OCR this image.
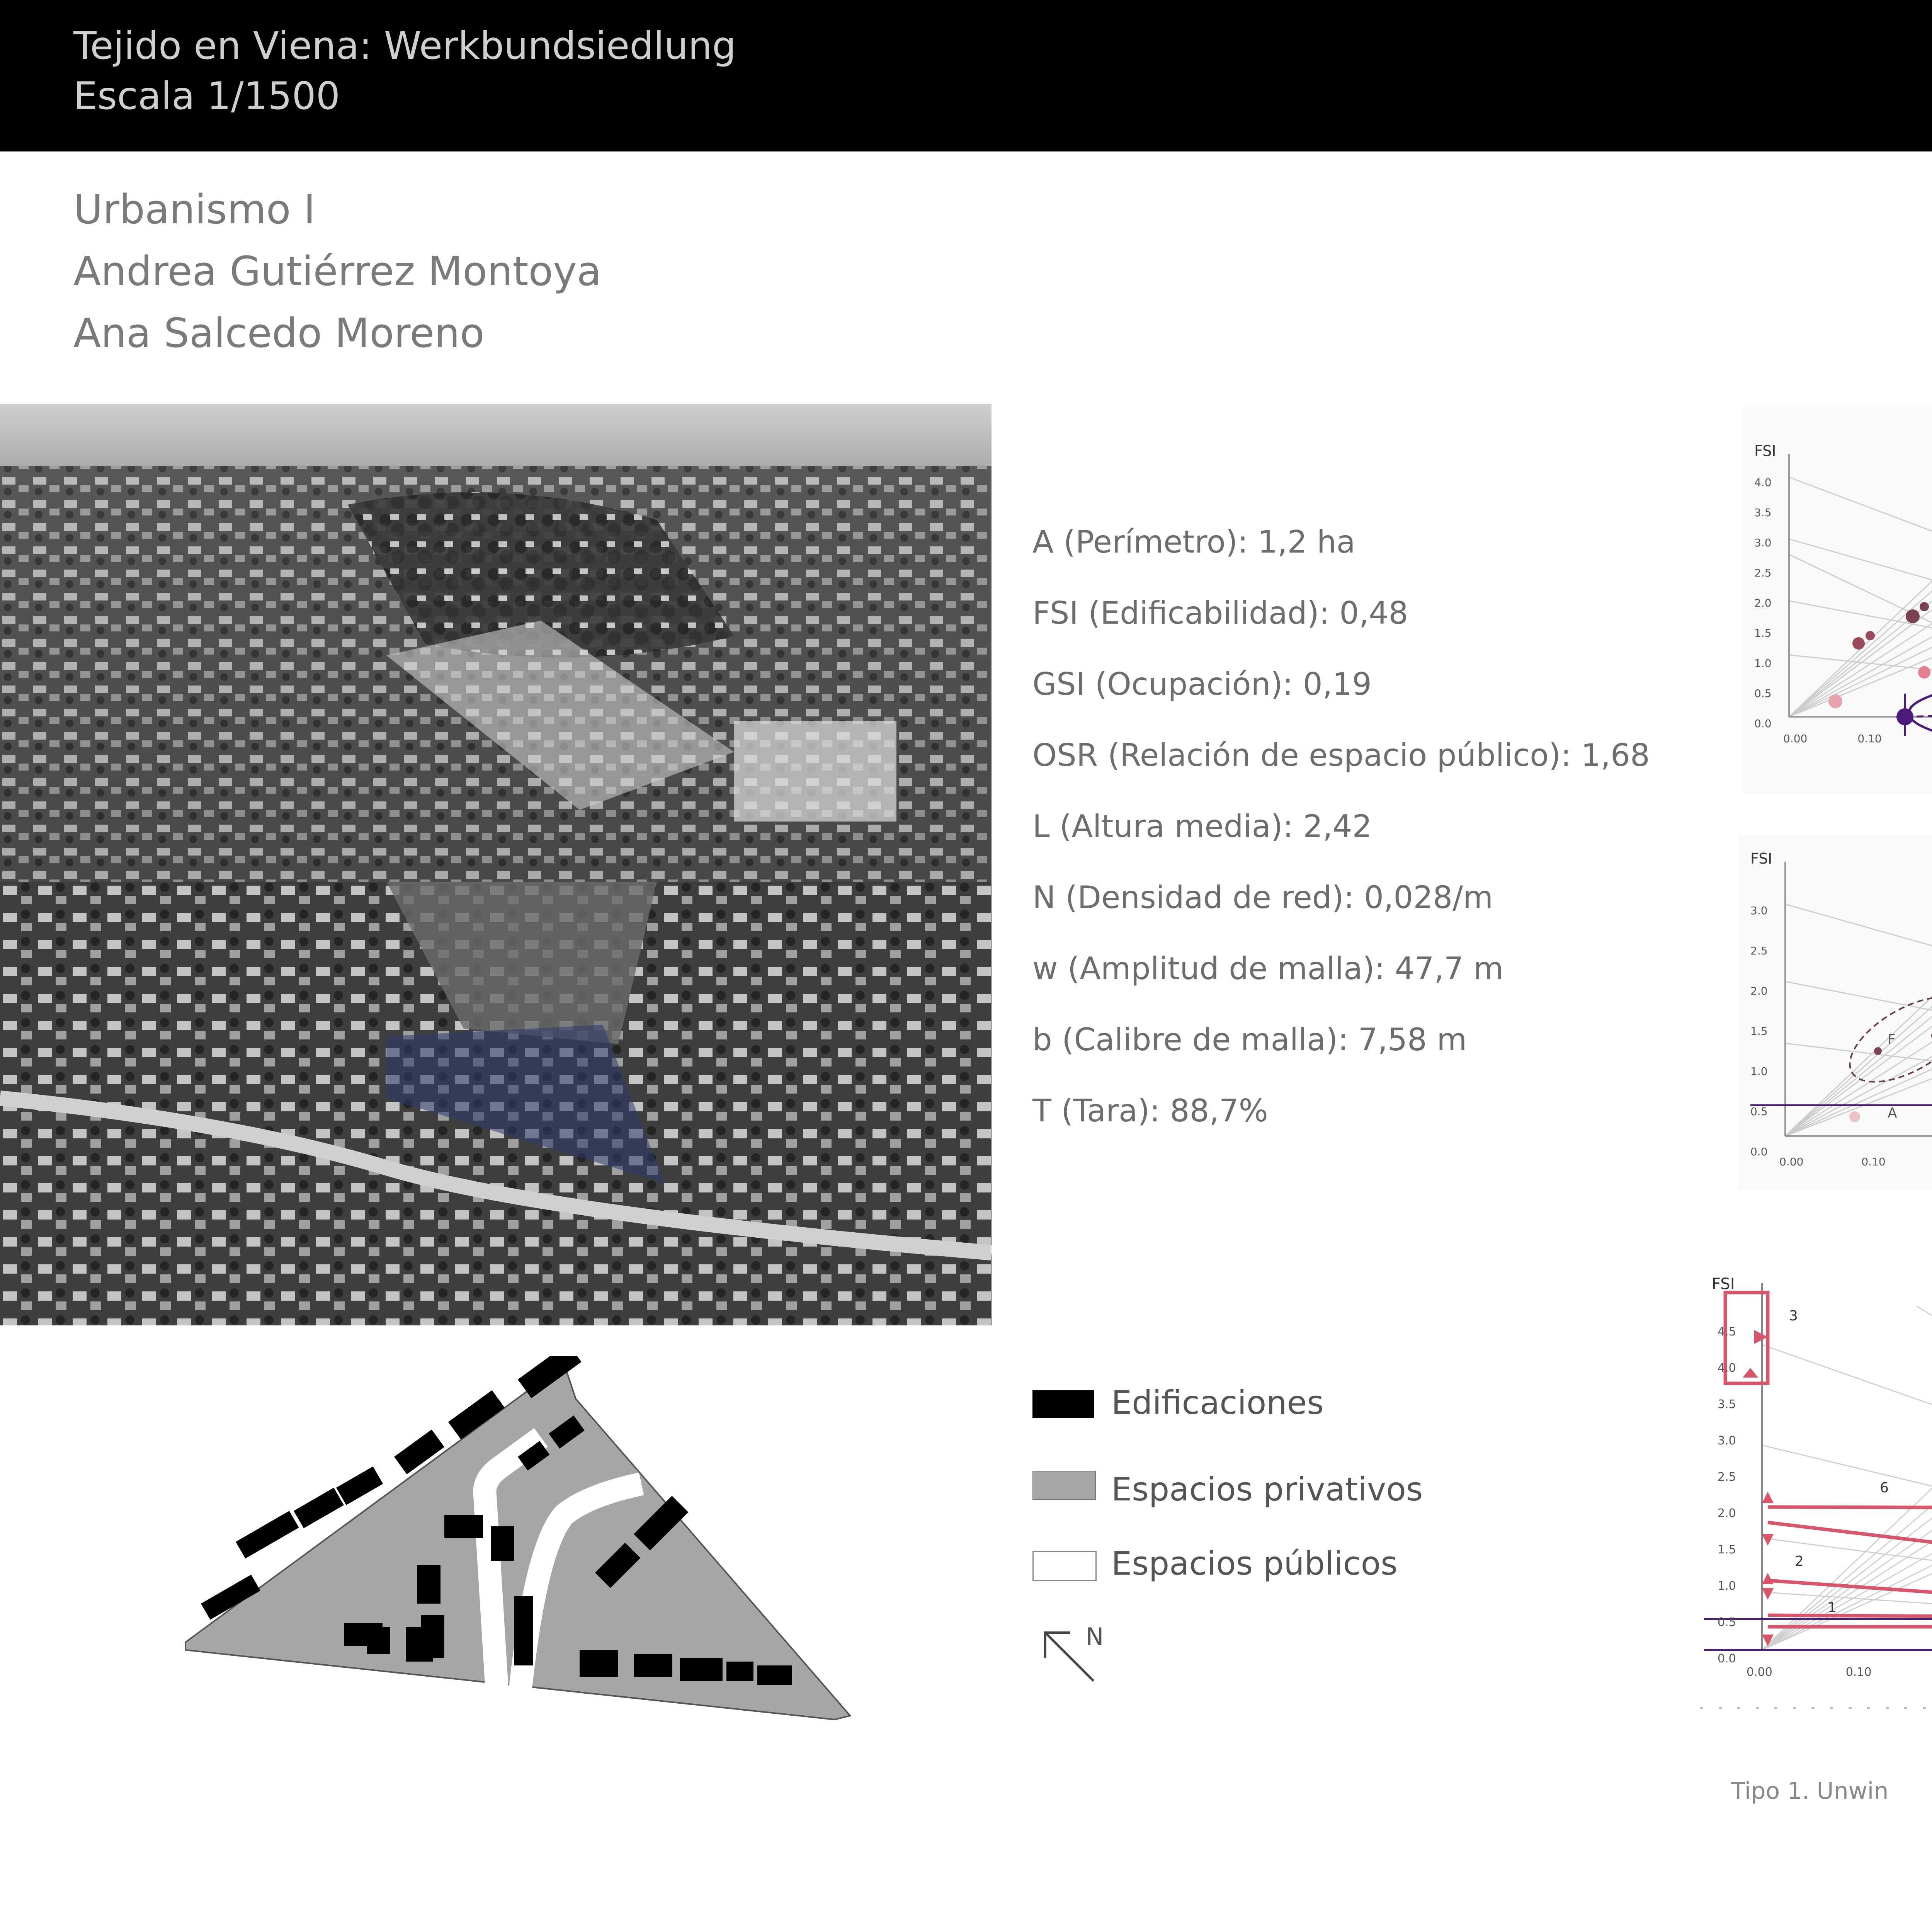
Tejido en Viena: Werkbundsiedlung
Escala 1/1500
Urbanismo I
Andrea Gutiérrez Montoya
Ana Salcedo Moreno
A (Perímetro): 1,2 ha
FSI (Edificabilidad): 0,48
GSI (Ocupación): 0,19
OSR (Relación de espacio público): 1,68
L (Altura media): 2,42
N (Densidad de red): 0,028/m
w (Amplitud de malla): 47,7 m
b (Calibre de malla): 7,58 m
T (Tara): 88,7%
Edificaciones
Espacios privativos
Espacios públicos
N
FSI
4.0
3.5
3.0
2.5
2.0
1.5
1.0
0.5
0.0
0.00	0.10
FSI
3.0
2.5
2.0
1.5
1.0
0.5
0.0
0.00	0.10
A
F
FSI
4.5
4.0
3.5
3.0
2.5
2.0
1.5
1.0
0.5
0.0
0.00	0.10
1
2
3
6
Tipo 1. Unwin
